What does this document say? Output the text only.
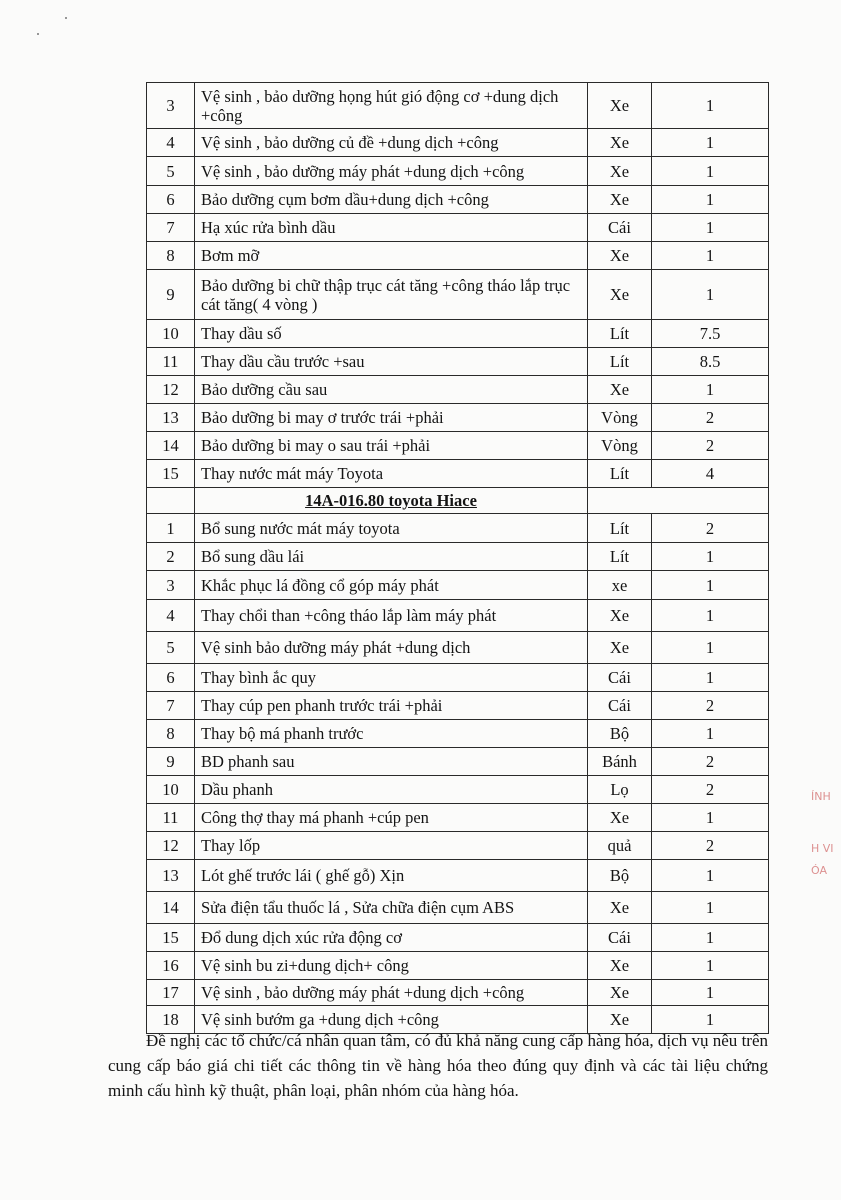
3	Vệ sinh , bảo dưỡng họng hút gió động cơ +dung dịch +công	Xe	1
4	Vệ sinh , bảo dưỡng củ đề +dung dịch +công	Xe	1
5	Vệ sinh , bảo dưỡng máy phát +dung dịch +công	Xe	1
6	Bảo dưỡng cụm bơm dầu+dung dịch +công	Xe	1
7	Hạ xúc rửa bình dầu	Cái	1
8	Bơm mỡ	Xe	1
9	Bảo dưỡng bi chữ thập trục cát tăng +công tháo lắp trục cát tăng( 4 vòng )	Xe	1
10	Thay dầu số	Lít	7.5
11	Thay dầu cầu trước +sau	Lít	8.5
12	Bảo dưỡng cầu sau	Xe	1
13	Bảo dưỡng bi may ơ trước trái +phải	Vòng	2
14	Bảo dưỡng bi may o sau trái +phải	Vòng	2
15	Thay nước mát máy Toyota	Lít	4
	14A-016.80 toyota Hiace		
1	Bổ sung nước mát máy toyota	Lít	2
2	Bổ sung dầu lái	Lít	1
3	Khắc phục lá đồng cổ góp máy phát	xe	1
4	Thay chổi than +công tháo lắp làm máy phát	Xe	1
5	Vệ sinh bảo dưỡng máy phát +dung dịch	Xe	1
6	Thay bình ắc quy	Cái	1
7	Thay cúp pen phanh trước trái +phải	Cái	2
8	Thay bộ má phanh trước	Bộ	1
9	BD phanh sau	Bánh	2
10	Dầu phanh	Lọ	2
11	Công thợ thay má phanh +cúp pen	Xe	1
12	Thay lốp	quả	2
13	Lót ghế trước lái ( ghế gỗ) Xịn	Bộ	1
14	Sửa điện tẩu thuốc lá , Sửa chữa điện cụm ABS	Xe	1
15	Đổ dung dịch xúc rửa động cơ	Cái	1
16	Vệ sinh bu zi+dung dịch+ công	Xe	1
17	Vệ sinh , bảo dưỡng máy phát +dung dịch +công	Xe	1
18	Vệ sinh bướm ga +dung dịch +công	Xe	1
Đề nghị các tổ chức/cá nhân quan tâm, có đủ khả năng cung cấp hàng hóa, dịch vụ nêu trên cung cấp báo giá chi tiết các thông tin về hàng hóa theo đúng quy định và các tài liệu chứng minh cấu hình kỹ thuật, phân loại, phân nhóm của hàng hóa.
ÍNH
H VI
ÓA
